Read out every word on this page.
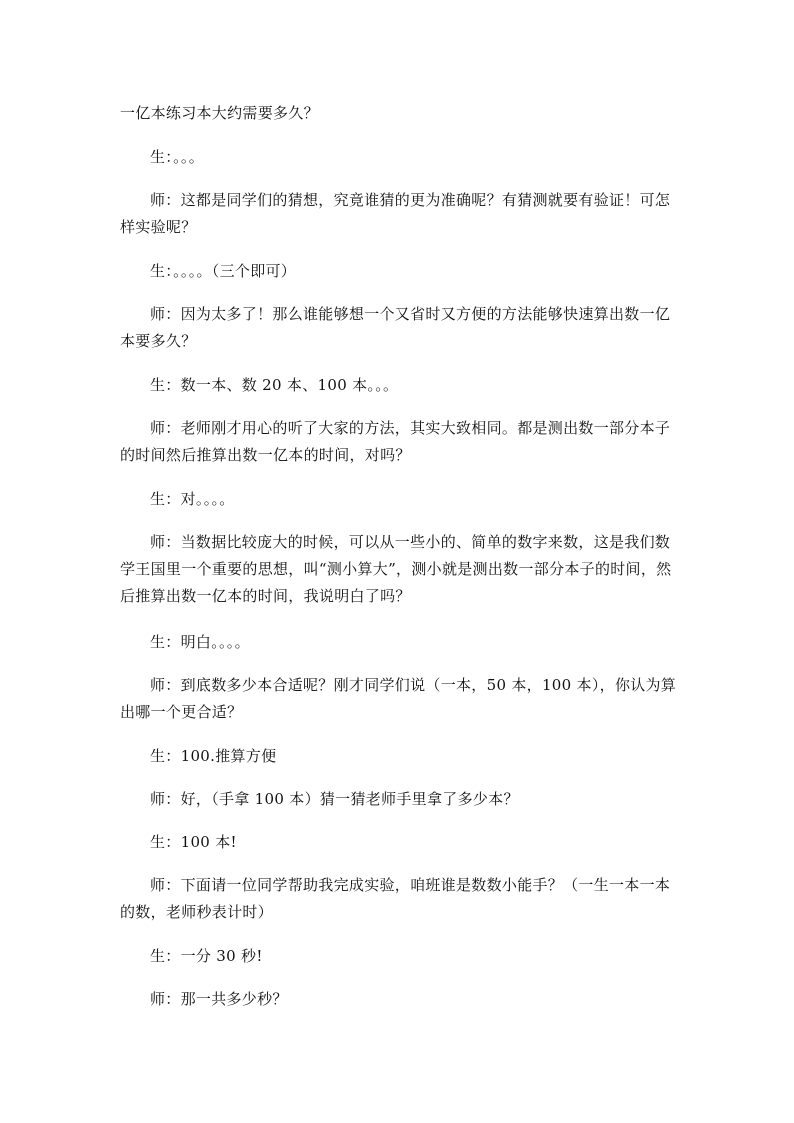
一亿本练习本大约需要多久？

生：。。。

师：这都是同学们的猜想，究竟谁猜的更为准确呢？有猜测就要有验证！可怎样实验呢？

生：。。。。（三个即可）

师：因为太多了！那么谁能够想一个又省时又方便的方法能够快速算出数一亿本要多久？

生：数一本、数 20 本、100 本。。。

师：老师刚才用心的听了大家的方法，其实大致相同。都是测出数一部分本子的时间然后推算出数一亿本的时间，对吗？

生：对。。。。

师：当数据比较庞大的时候，可以从一些小的、简单的数字来数，这是我们数学王国里一个重要的思想，叫“测小算大”，测小就是测出数一部分本子的时间，然后推算出数一亿本的时间，我说明白了吗？

生：明白。。。。

师：到底数多少本合适呢？刚才同学们说（一本，50 本，100 本），你认为算出哪一个更合适？

生：100.推算方便

师：好，（手拿 100 本）猜一猜老师手里拿了多少本？

生：100 本!

师：下面请一位同学帮助我完成实验，咱班谁是数数小能手？（一生一本一本的数，老师秒表计时）

生：一分 30 秒!

师：那一共多少秒？
